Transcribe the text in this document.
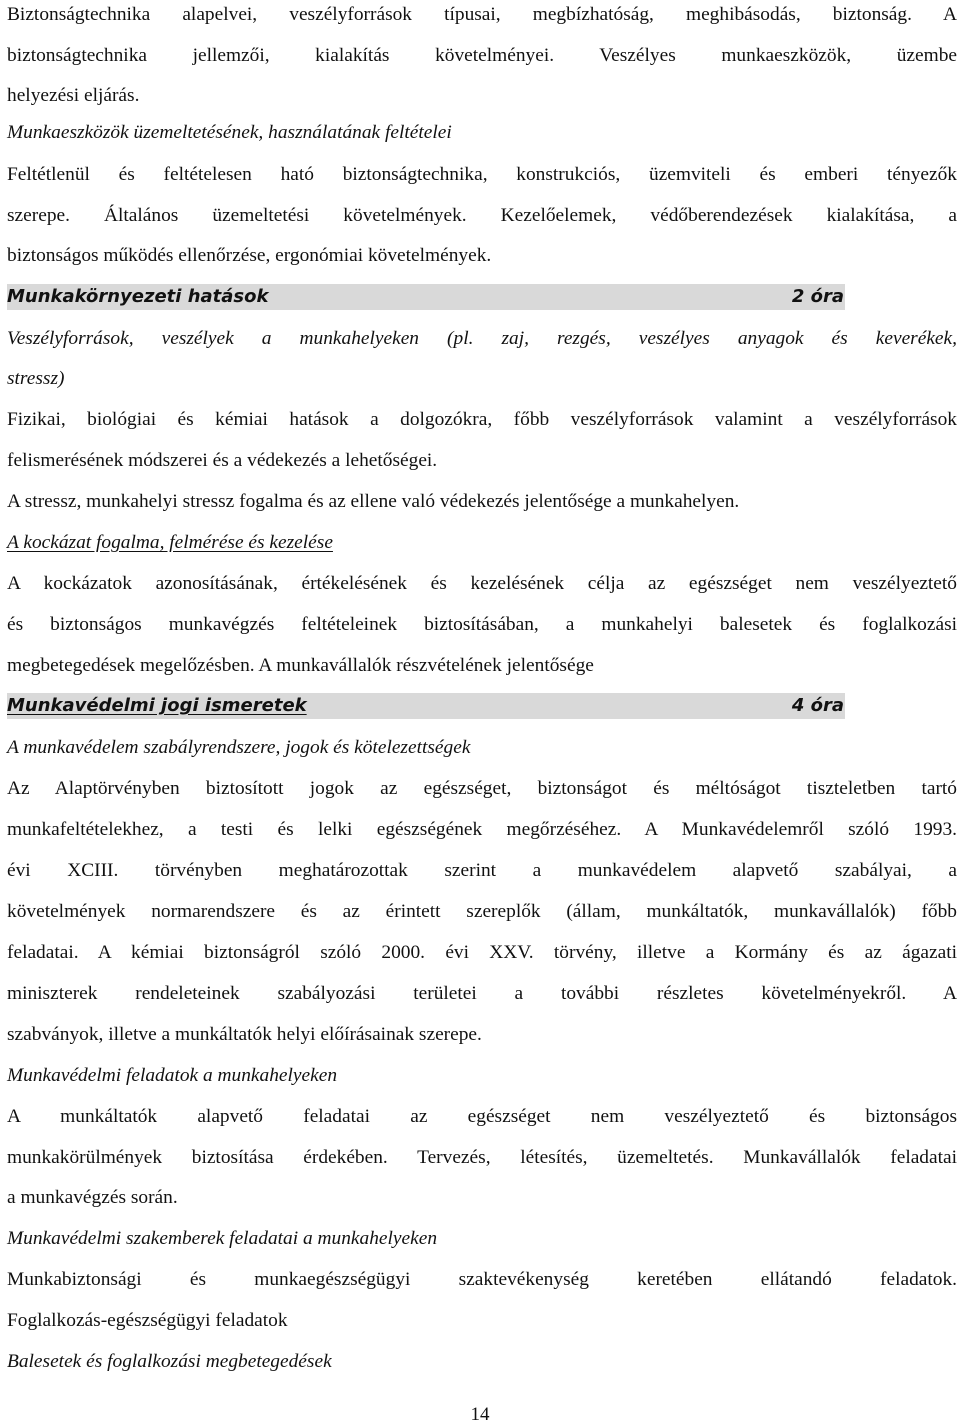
Biztonságtechnika alapelvei, veszélyforrások típusai, megbízhatóság, meghibásodás, biztonság. A
biztonságtechnika jellemzői, kialakítás követelményei. Veszélyes munkaeszközök, üzembe
helyezési eljárás.
Munkaeszközök üzemeltetésének, használatának feltételei
Feltétlenül és feltételesen ható biztonságtechnika, konstrukciós, üzemviteli és emberi tényezők
szerepe. Általános üzemeltetési követelmények. Kezelőelemek, védőberendezések kialakítása, a
biztonságos működés ellenőrzése, ergonómiai követelmények.
Munkakörnyezeti hatások	2 óra
Veszélyforrások, veszélyek a munkahelyeken (pl. zaj, rezgés, veszélyes anyagok és keverékek,
stressz)
Fizikai, biológiai és kémiai hatások a dolgozókra, főbb veszélyforrások valamint a veszélyforrások
felismerésének módszerei és a védekezés a lehetőségei.
A stressz, munkahelyi stressz fogalma és az ellene való védekezés jelentősége a munkahelyen.
A kockázat fogalma, felmérése és kezelése
A kockázatok azonosításának, értékelésének és kezelésének célja az egészséget nem veszélyeztető
és biztonságos munkavégzés feltételeinek biztosításában, a munkahelyi balesetek és foglalkozási
megbetegedések megelőzésben. A munkavállalók részvételének jelentősége
Munkavédelmi jogi ismeretek	4 óra
A munkavédelem szabályrendszere, jogok és kötelezettségek
Az Alaptörvényben biztosított jogok az egészséget, biztonságot és méltóságot tiszteletben tartó
munkafeltételekhez, a testi és lelki egészségének megőrzéséhez. A Munkavédelemről szóló 1993.
évi XCIII. törvényben meghatározottak szerint a munkavédelem alapvető szabályai, a
követelmények normarendszere és az érintett szereplők (állam, munkáltatók, munkavállalók) főbb
feladatai. A kémiai biztonságról szóló 2000. évi XXV. törvény, illetve a Kormány és az ágazati
miniszterek rendeleteinek szabályozási területei a további részletes követelményekről. A
szabványok, illetve a munkáltatók helyi előírásainak szerepe.
Munkavédelmi feladatok a munkahelyeken
A munkáltatók alapvető feladatai az egészséget nem veszélyeztető és biztonságos
munkakörülmények biztosítása érdekében. Tervezés, létesítés, üzemeltetés. Munkavállalók feladatai
a munkavégzés során.
Munkavédelmi szakemberek feladatai a munkahelyeken
Munkabiztonsági és munkaegészségügyi szaktevékenység keretében ellátandó feladatok.
Foglalkozás-egészségügyi feladatok
Balesetek és foglalkozási megbetegedések
14
